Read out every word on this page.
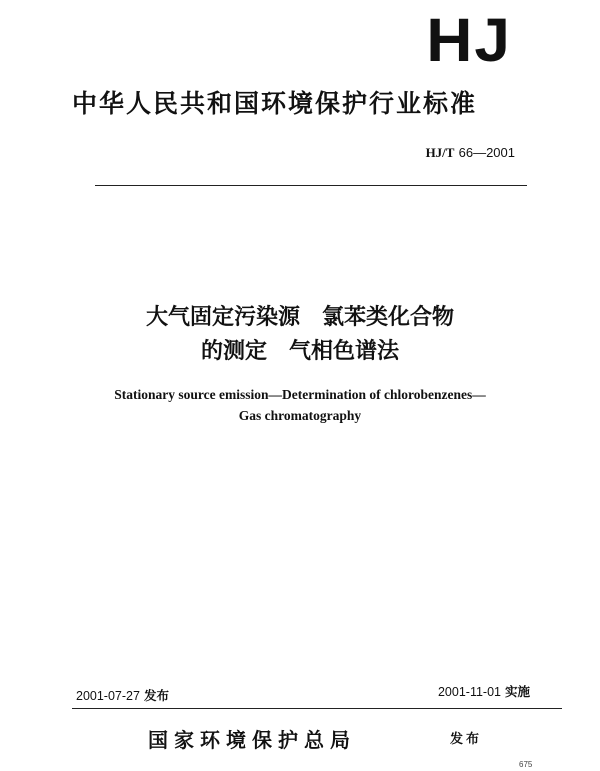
HJ
中华人民共和国环境保护行业标准
HJ/T 66—2001
大气固定污染源　氯苯类化合物
的测定　气相色谱法
Stationary source emission—Determination of chlorobenzenes—
Gas chromatography
2001-07-27 发布	2001-11-01 实施
国家环境保护总局	发布
675
